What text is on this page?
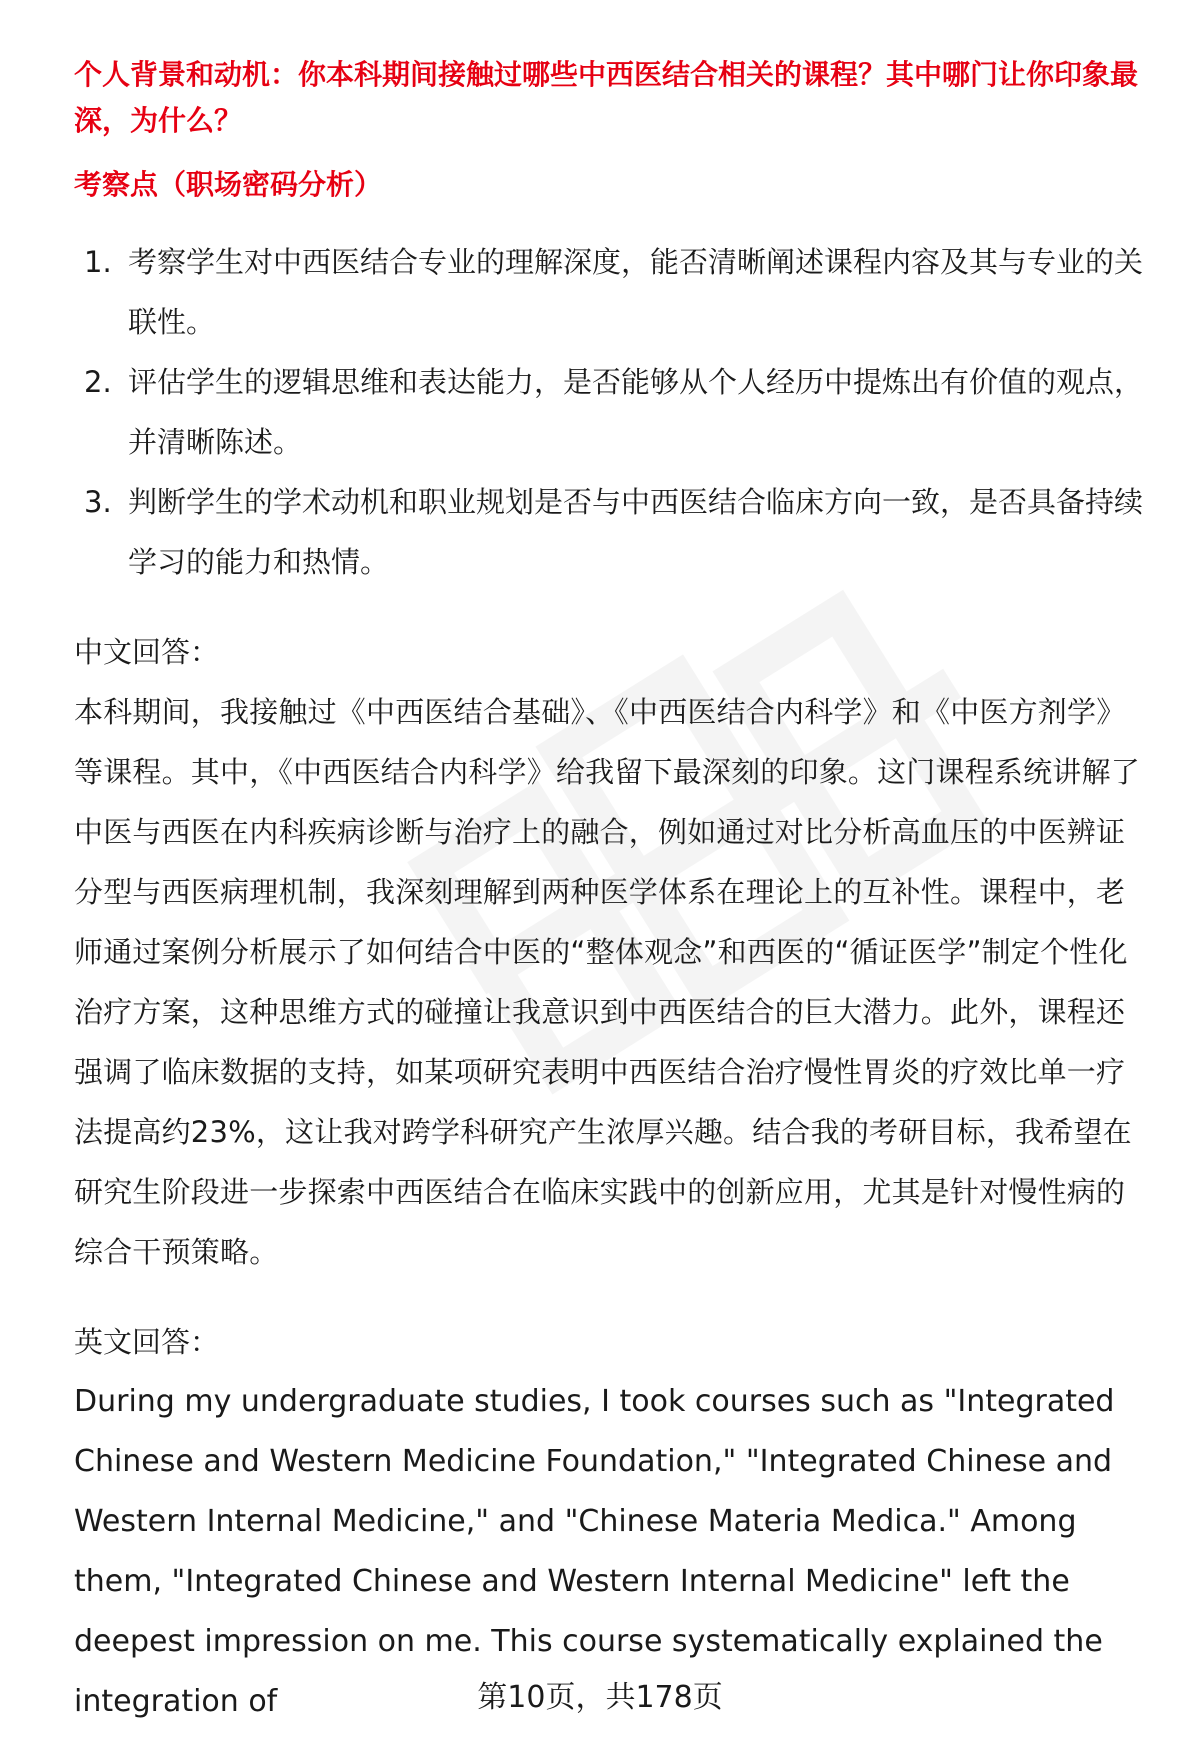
个人背景和动机：你本科期间接触过哪些中西医结合相关的课程？其中哪门让你印象最深，为什么？

考察点（职场密码分析）

1. 考察学生对中西医结合专业的理解深度，能否清晰阐述课程内容及其与专业的关联性。
2. 评估学生的逻辑思维和表达能力，是否能够从个人经历中提炼出有价值的观点，并清晰陈述。
3. 判断学生的学术动机和职业规划是否与中西医结合临床方向一致，是否具备持续学习的能力和热情。

中文回答：

本科期间，我接触过《中西医结合基础》、《中西医结合内科学》和《中医方剂学》等课程。其中，《中西医结合内科学》给我留下最深刻的印象。这门课程系统讲解了中医与西医在内科疾病诊断与治疗上的融合，例如通过对比分析高血压的中医辨证分型与西医病理机制，我深刻理解到两种医学体系在理论上的互补性。课程中，老师通过案例分析展示了如何结合中医的“整体观念”和西医的“循证医学”制定个性化治疗方案，这种思维方式的碰撞让我意识到中西医结合的巨大潜力。此外，课程还强调了临床数据的支持，如某项研究表明中西医结合治疗慢性胃炎的疗效比单一疗法提高约23%，这让我对跨学科研究产生浓厚兴趣。结合我的考研目标，我希望在研究生阶段进一步探索中西医结合在临床实践中的创新应用，尤其是针对慢性病的综合干预策略。

英文回答：

During my undergraduate studies, I took courses such as "Integrated Chinese and Western Medicine Foundation," "Integrated Chinese and Western Internal Medicine," and "Chinese Materia Medica." Among them, "Integrated Chinese and Western Internal Medicine" left the deepest impression on me. This course systematically explained the integration of	第10页，共178页
